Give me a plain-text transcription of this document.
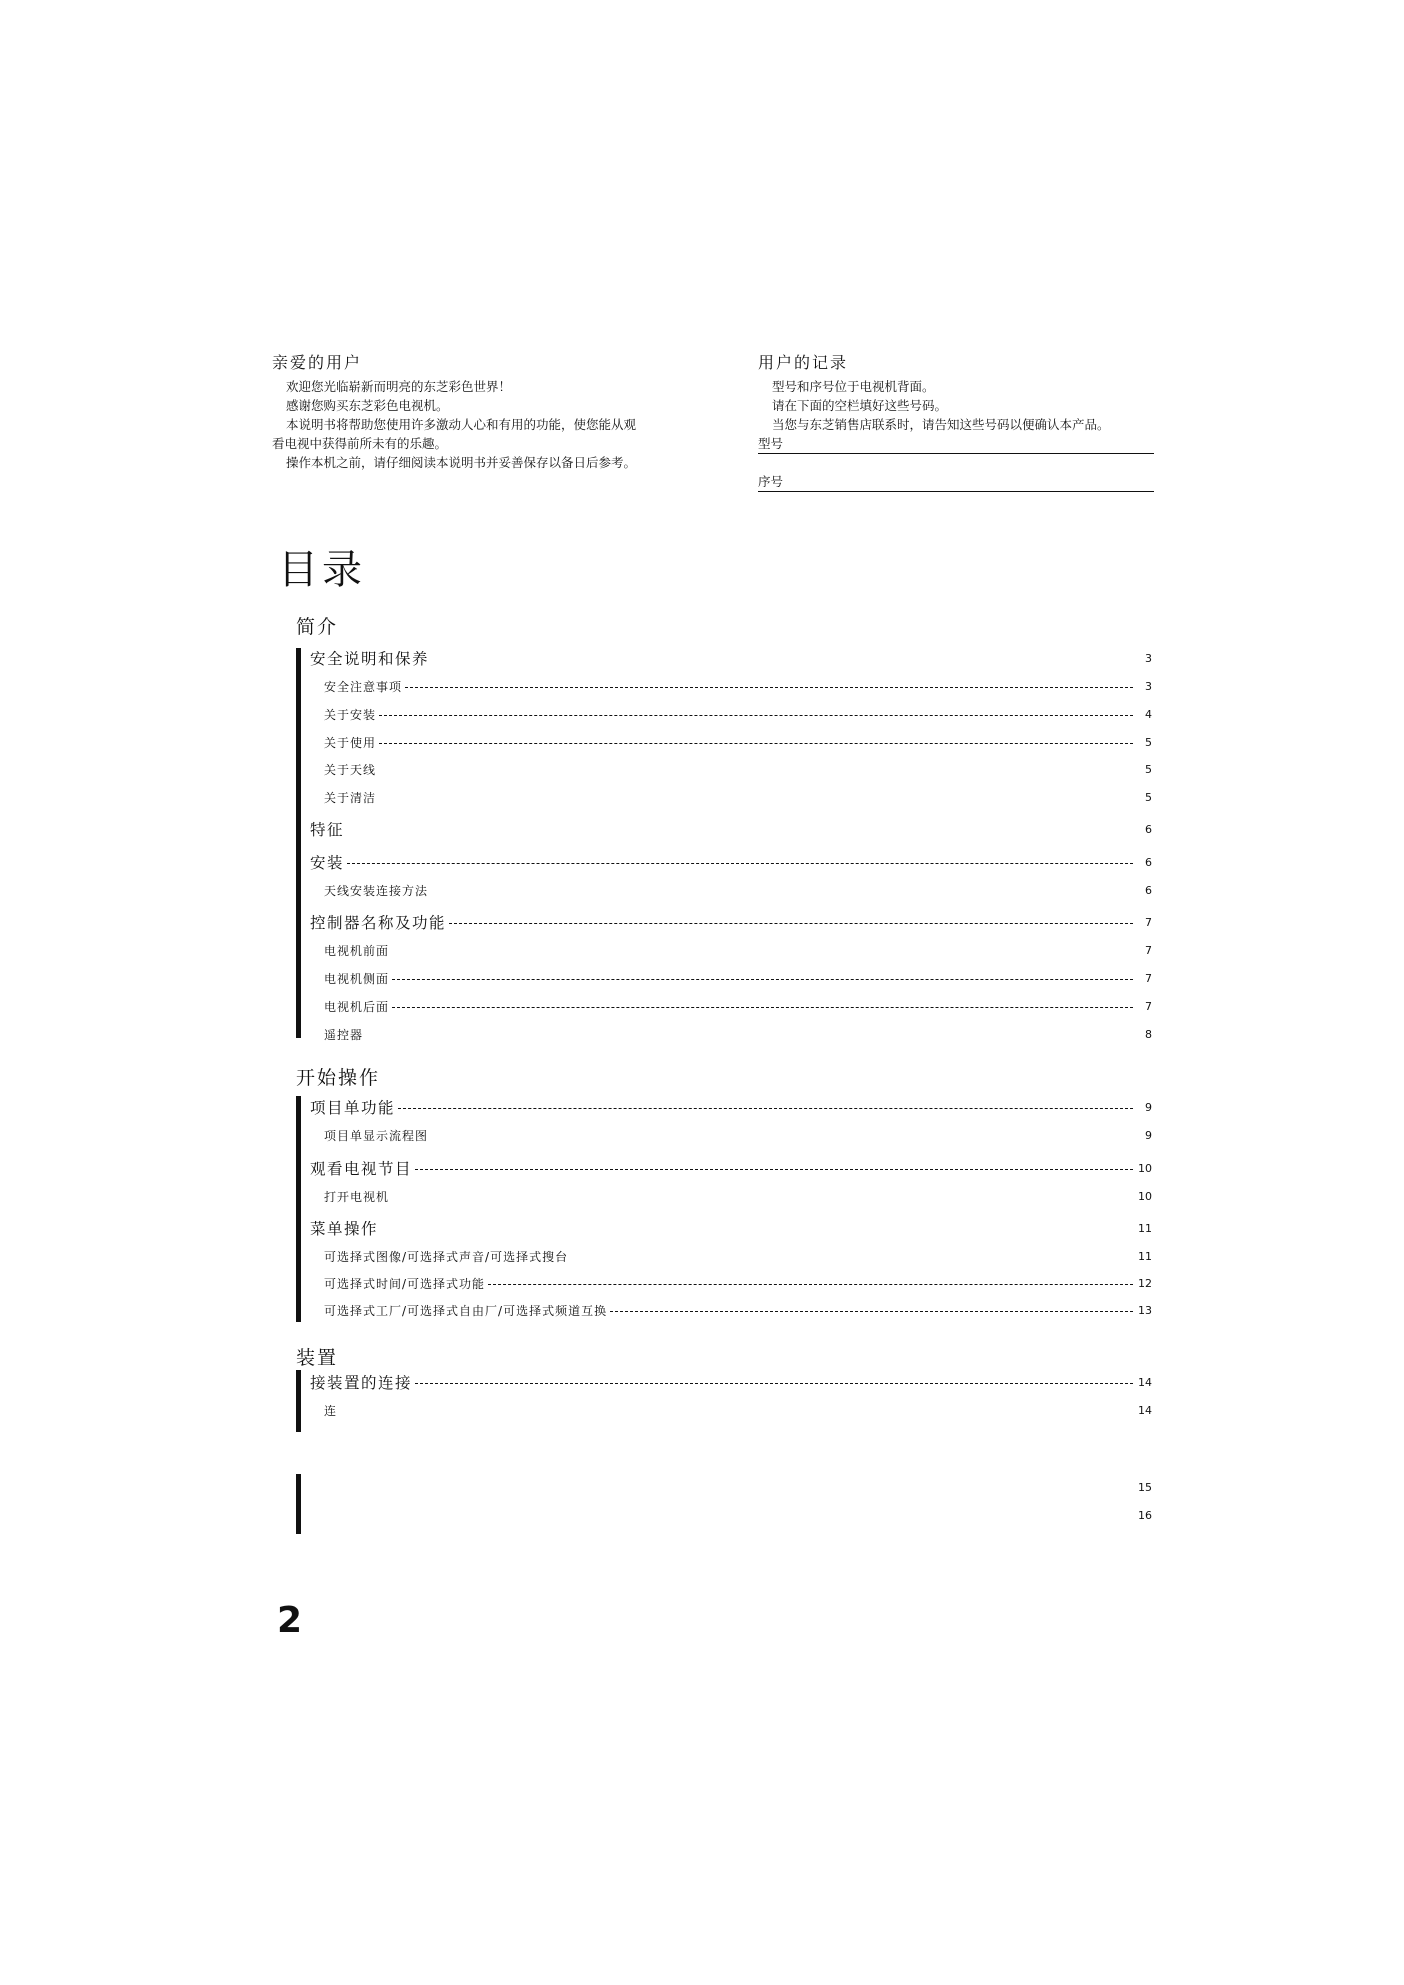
亲爱的用户
欢迎您光临崭新而明亮的东芝彩色世界！
感谢您购买东芝彩色电视机。
本说明书将帮助您使用许多激动人心和有用的功能，使您能从观看电视中获得前所未有的乐趣。
操作本机之前，请仔细阅读本说明书并妥善保存以备日后参考。
用户的记录
型号和序号位于电视机背面。
请在下面的空栏填好这些号码。
当您与东芝销售店联系时，请告知这些号码以便确认本产品。
型号
序号
目录
简介
开始操作
装置
安全说明和保养	3
安全注意事项	3
关于安装	4
关于使用	5
关于天线	5
关于清洁	5
特征	6
安装	6
天线安装连接方法	6
控制器名称及功能	7
电视机前面	7
电视机侧面	7
电视机后面	7
遥控器	8
项目单功能	9
项目单显示流程图	9
观看电视节目	10
打开电视机	10
菜单操作	11
可选择式图像/可选择式声音/可选择式搜台	11
可选择式时间/可选择式功能	12
可选择式工厂/可选择式自由厂/可选择式频道互换	13
接装置的连接	14
连	14
15
16
2
